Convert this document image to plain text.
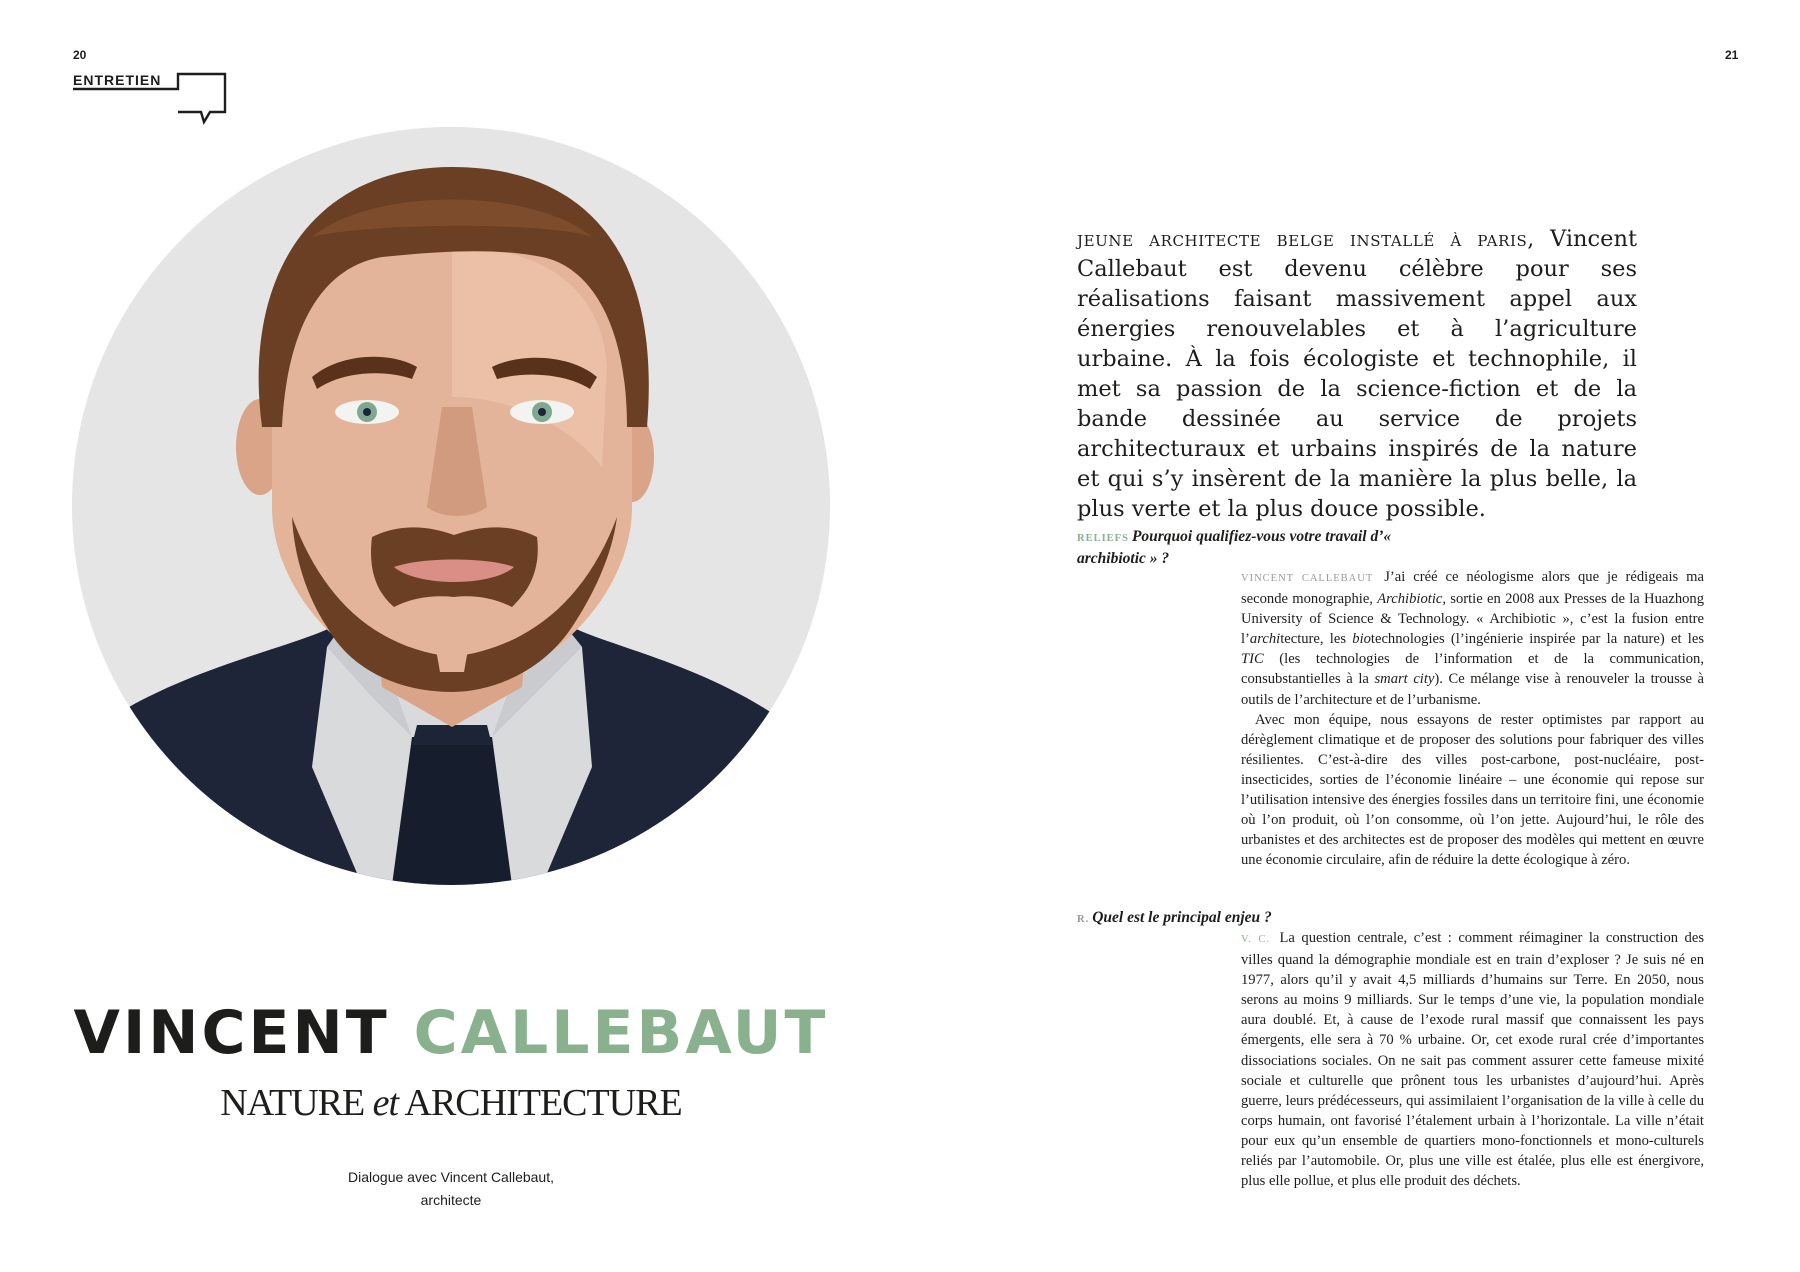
20	21
ENTRETIEN
VINCENT CALLEBAUT
NATURE et ARCHITECTURE
Dialogue avec Vincent Callebaut,
architecte
jeune architecte belge installé à paris, Vincent Callebaut est devenu célèbre pour ses réalisations faisant massivement appel aux énergies renouvelables et à l’agriculture urbaine. À la fois écologiste et technophile, il met sa passion de la science-fiction et de la bande dessinée au service de projets architecturaux et urbains inspirés de la nature et qui s’y insèrent de la manière la plus belle, la plus verte et la plus douce possible.
RELIEFS Pourquoi qualifiez-vous votre travail d’« archibiotic » ?

VINCENT CALLEBAUT J’ai créé ce néologisme alors que je rédigeais ma seconde monographie, Archibiotic, sortie en 2008 aux Presses de la Huazhong University of Science & Technology. « Archibiotic », c’est la fusion entre l’architecture, les biotechnologies (l’ingénierie inspirée par la nature) et les TIC (les technologies de l’information et de la communication, consubstantielles à la smart city). Ce mélange vise à renouveler la trousse à outils de l’architecture et de l’urbanisme.

Avec mon équipe, nous essayons de rester optimistes par rapport au dérèglement climatique et de proposer des solutions pour fabriquer des villes résilientes. C’est-à-dire des villes post-carbone, post-nucléaire, post-insecticides, sorties de l’économie linéaire – une économie qui repose sur l’utilisation intensive des énergies fossiles dans un territoire fini, une économie où l’on produit, où l’on consomme, où l’on jette. Aujourd’hui, le rôle des urbanistes et des architectes est de proposer des modèles qui mettent en œuvre une économie circulaire, afin de réduire la dette écologique à zéro.

R. Quel est le principal enjeu ?

V. C. La question centrale, c’est : comment réimaginer la construction des villes quand la démographie mondiale est en train d’exploser ? Je suis né en 1977, alors qu’il y avait 4,5 milliards d’humains sur Terre. En 2050, nous serons au moins 9 milliards. Sur le temps d’une vie, la population mondiale aura doublé. Et, à cause de l’exode rural massif que connaissent les pays émergents, elle sera à 70 % urbaine. Or, cet exode rural crée d’importantes dissociations sociales. On ne sait pas comment assurer cette fameuse mixité sociale et culturelle que prônent tous les urbanistes d’aujourd’hui. Après guerre, leurs prédécesseurs, qui assimilaient l’organisation de la ville à celle du corps humain, ont favorisé l’étalement urbain à l’horizontale. La ville n’était pour eux qu’un ensemble de quartiers mono-fonctionnels et mono-culturels reliés par l’automobile. Or, plus une ville est étalée, plus elle est énergivore, plus elle pollue, et plus elle produit des déchets.
